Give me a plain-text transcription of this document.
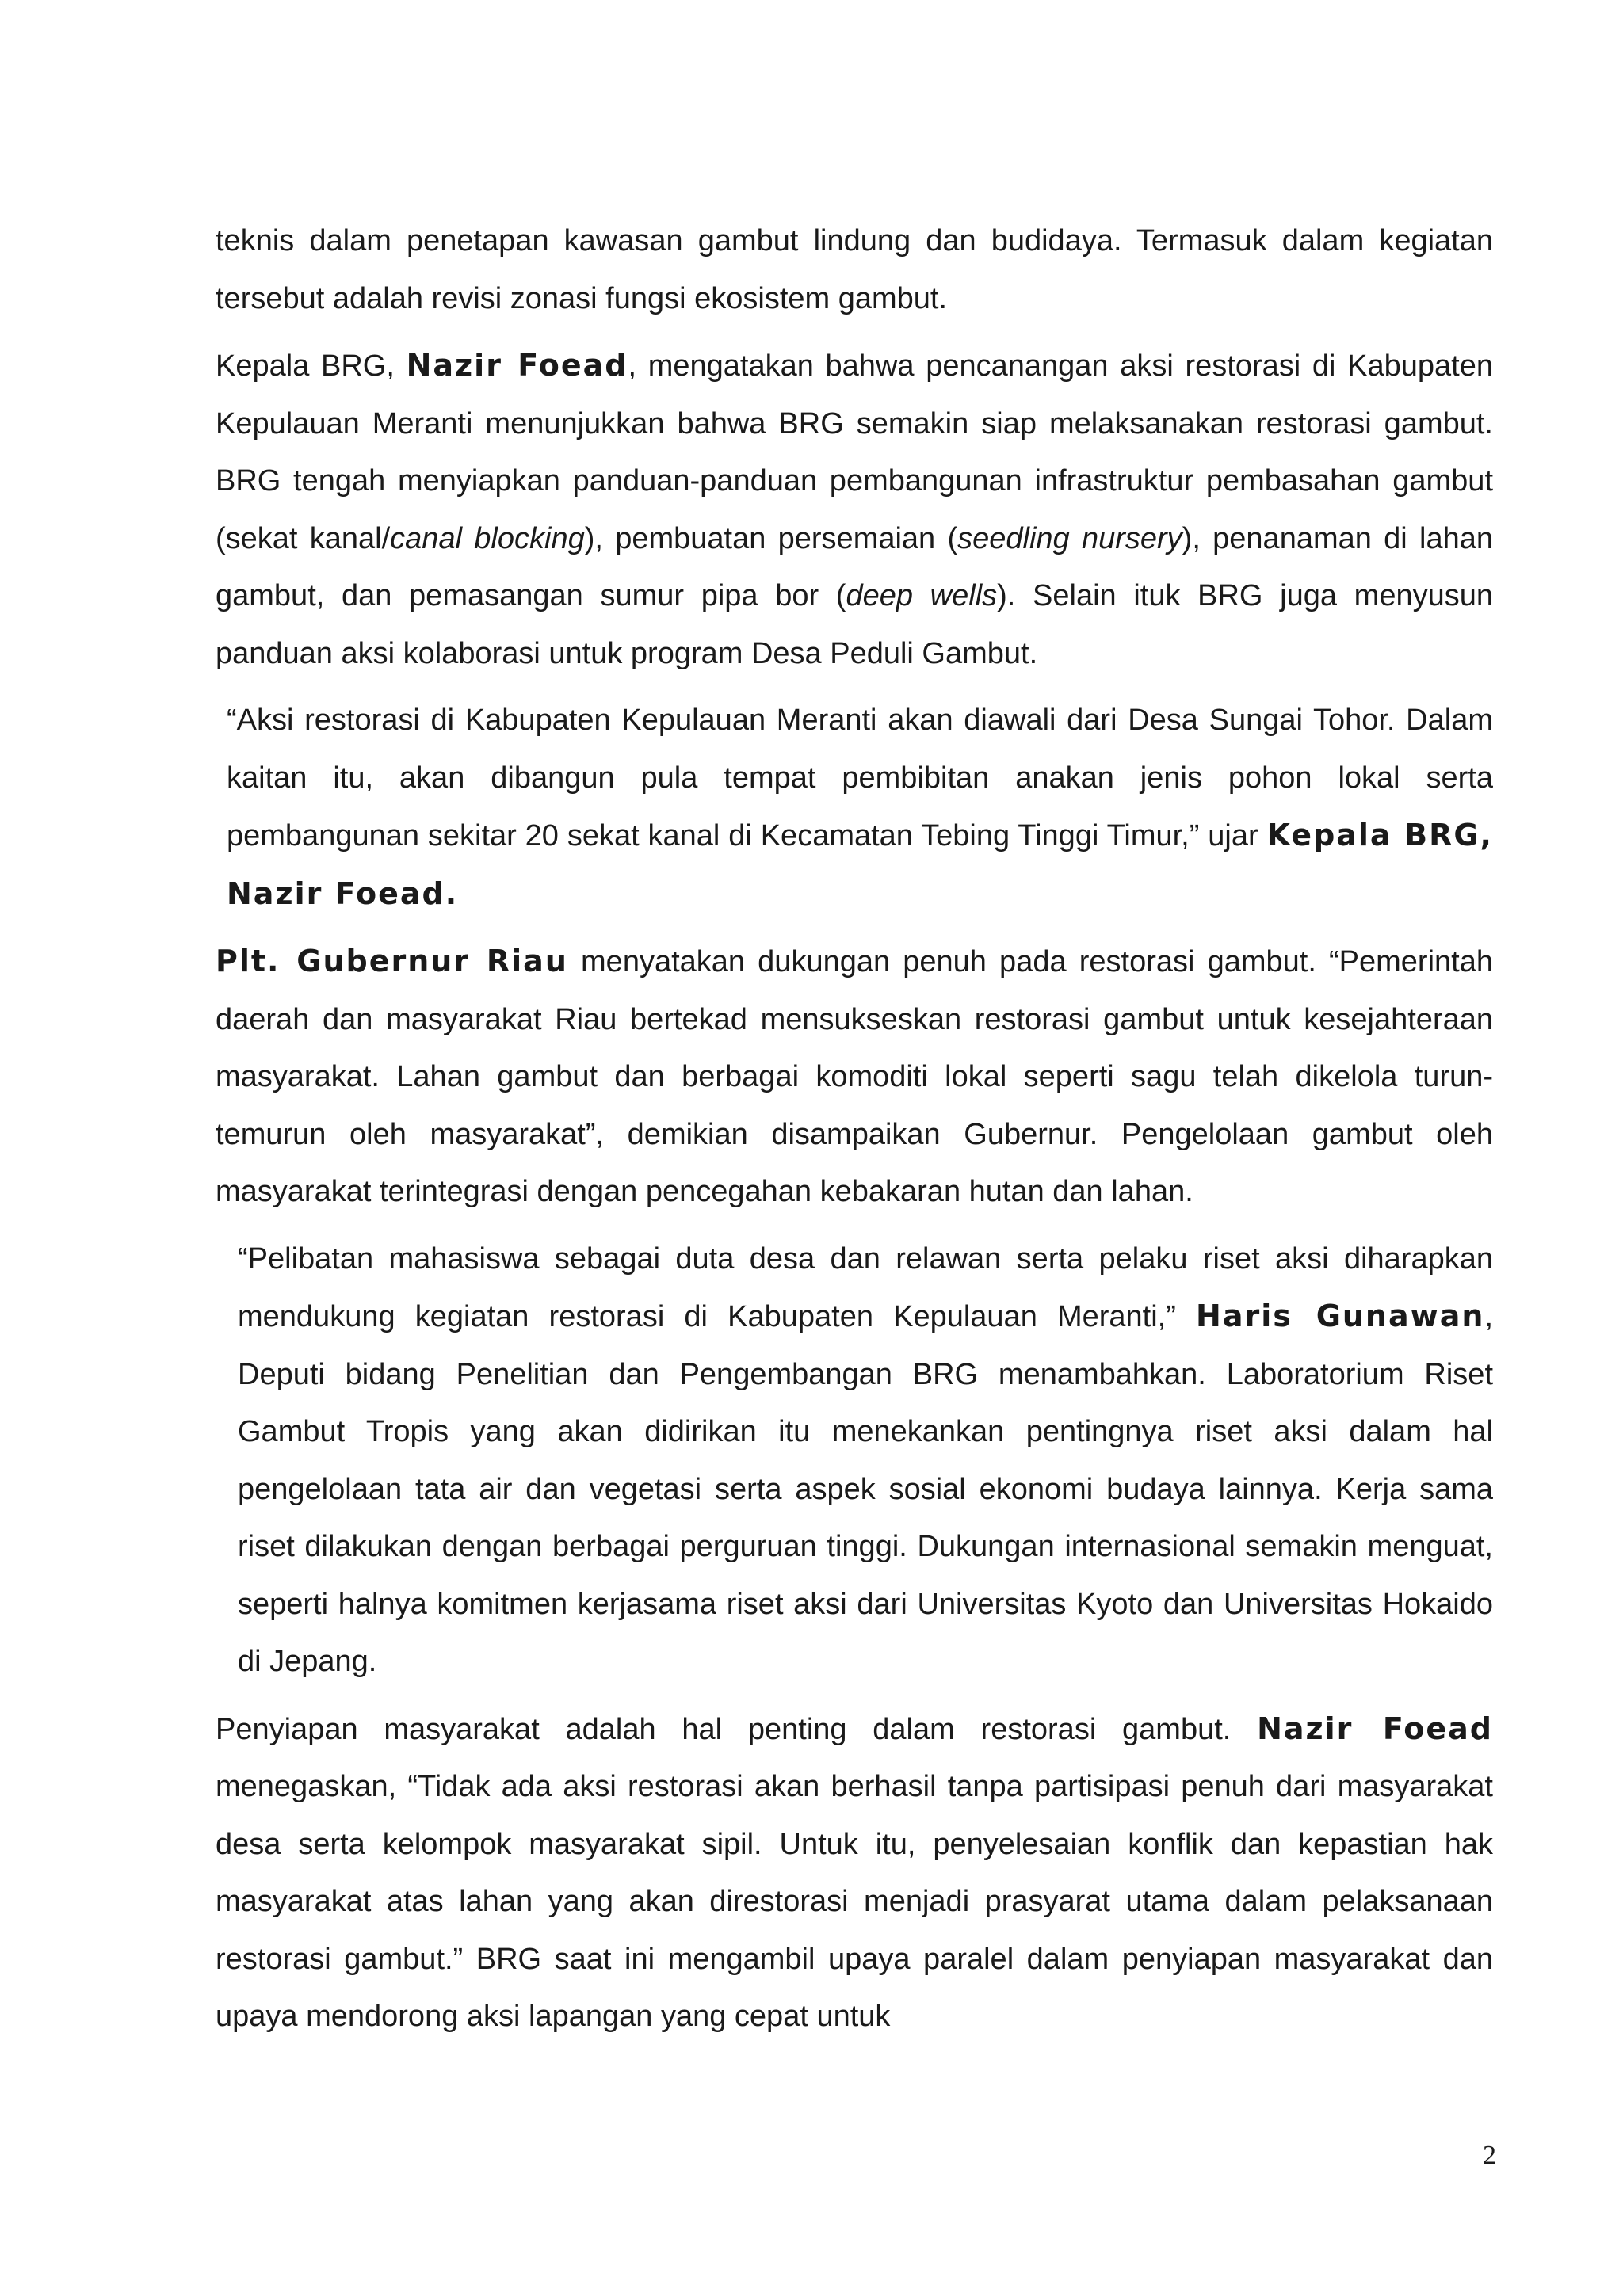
teknis dalam penetapan kawasan gambut lindung dan budidaya. Termasuk dalam kegiatan tersebut adalah revisi zonasi fungsi ekosistem gambut.

Kepala BRG, Nazir Foead, mengatakan bahwa pencanangan aksi restorasi di Kabupaten Kepulauan Meranti menunjukkan bahwa BRG semakin siap melaksanakan restorasi gambut. BRG tengah menyiapkan panduan-panduan pembangunan infrastruktur pembasahan gambut (sekat kanal/canal blocking), pembuatan persemaian (seedling nursery), penanaman di lahan gambut, dan pemasangan sumur pipa bor (deep wells). Selain ituk BRG juga menyusun panduan aksi kolaborasi untuk program Desa Peduli Gambut.

“Aksi restorasi di Kabupaten Kepulauan Meranti akan diawali dari Desa Sungai Tohor. Dalam kaitan itu, akan dibangun pula tempat pembibitan anakan jenis pohon lokal serta pembangunan sekitar 20 sekat kanal di Kecamatan Tebing Tinggi Timur,” ujar Kepala BRG, Nazir Foead.

Plt. Gubernur Riau menyatakan dukungan penuh pada restorasi gambut. “Pemerintah daerah dan masyarakat Riau bertekad mensukseskan restorasi gambut untuk kesejahteraan masyarakat. Lahan gambut dan berbagai komoditi lokal seperti sagu telah dikelola turun-temurun oleh masyarakat”, demikian disampaikan Gubernur. Pengelolaan gambut oleh masyarakat terintegrasi dengan pencegahan kebakaran hutan dan lahan.

“Pelibatan mahasiswa sebagai duta desa dan relawan serta pelaku riset aksi diharapkan mendukung kegiatan restorasi di Kabupaten Kepulauan Meranti,” Haris Gunawan, Deputi bidang Penelitian dan Pengembangan BRG menambahkan. Laboratorium Riset Gambut Tropis yang akan didirikan itu menekankan pentingnya riset aksi dalam hal pengelolaan tata air dan vegetasi serta aspek sosial ekonomi budaya lainnya. Kerja sama riset dilakukan dengan berbagai perguruan tinggi. Dukungan internasional semakin menguat, seperti halnya komitmen kerjasama riset aksi dari Universitas Kyoto dan Universitas Hokaido di Jepang.

Penyiapan masyarakat adalah hal penting dalam restorasi gambut. Nazir Foead menegaskan, “Tidak ada aksi restorasi akan berhasil tanpa partisipasi penuh dari masyarakat desa serta kelompok masyarakat sipil. Untuk itu, penyelesaian konflik dan kepastian hak masyarakat atas lahan yang akan direstorasi menjadi prasyarat utama dalam pelaksanaan restorasi gambut.” BRG saat ini mengambil upaya paralel dalam penyiapan masyarakat dan upaya mendorong aksi lapangan yang cepat untuk

2
